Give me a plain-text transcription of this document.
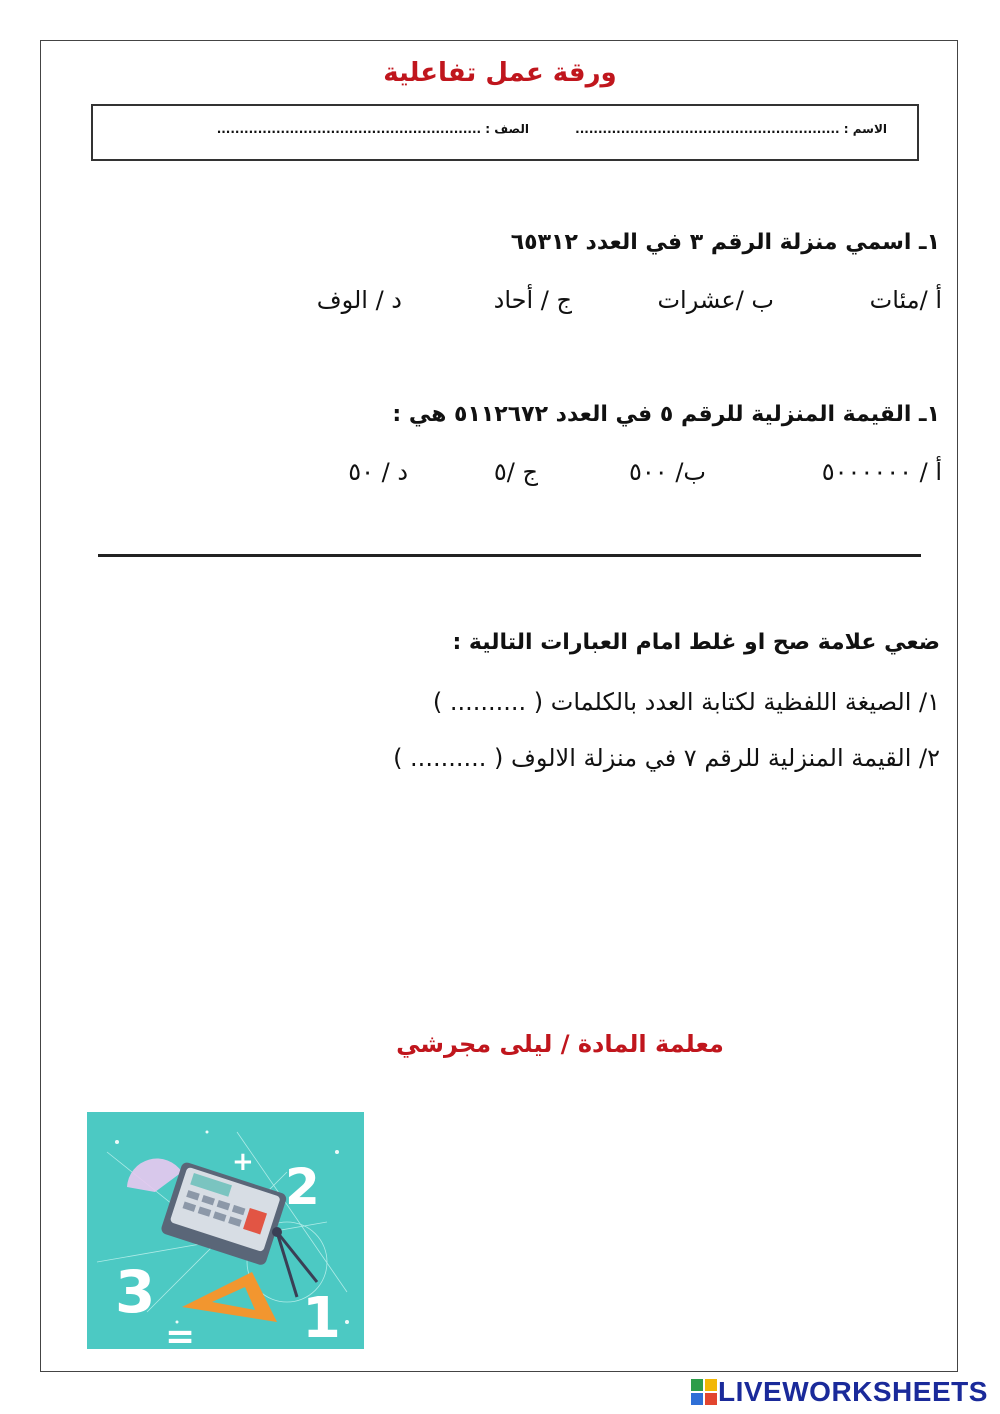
ورقة عمل تفاعلية
الاسم : ..........................................................
الصف : ..........................................................
١ـ اسمي منزلة الرقم ٣ في العدد ٦٥٣١٢
أ /مئات
ب /عشرات
ج / أحاد
د / الوف
١ـ القيمة المنزلية للرقم ٥ في العدد ٥١١٢٦٧٢ هي :
أ / ٥٠٠٠٠٠٠
ب/ ٥٠٠
ج /٥
د / ٥٠
ضعي علامة صح او غلط امام العبارات التالية :
١/ الصيغة اللفظية لكتابة العدد بالكلمات ( .......... )
٢/ القيمة المنزلية للرقم ٧ في منزلة الالوف ( .......... )
معلمة المادة / ليلى مجرشي
+ 2
3	1
=
LIVEWORKSHEETS
